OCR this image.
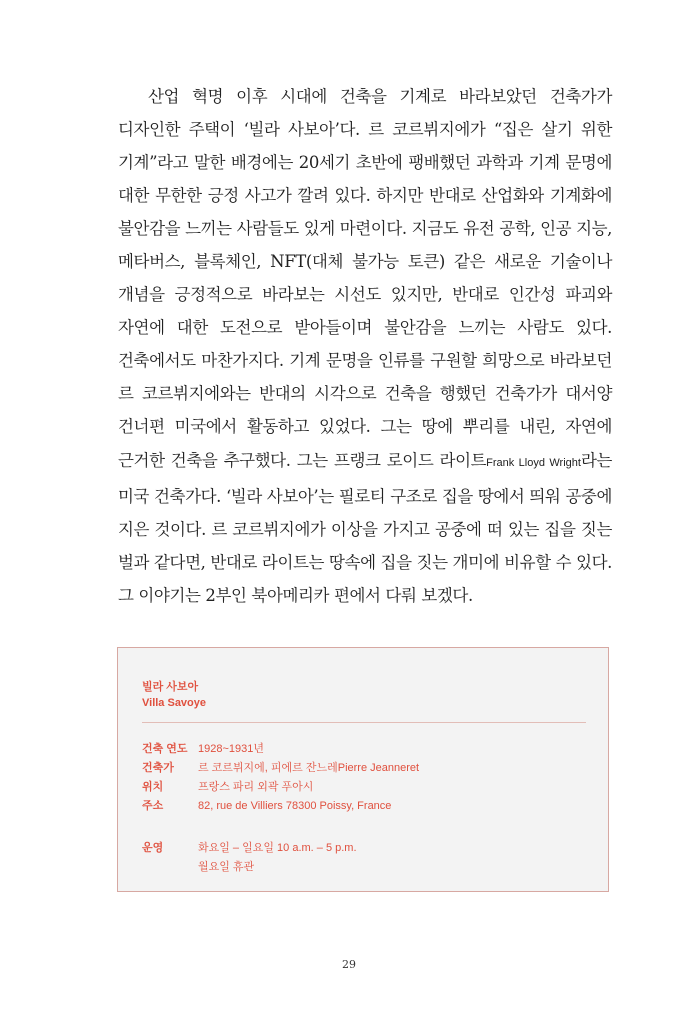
산업 혁명 이후 시대에 건축을 기계로 바라보았던 건축가가 디자인한 주택이 ‘빌라 사보아’다. 르 코르뷔지에가 “집은 살기 위한 기계”라고 말한 배경에는 20세기 초반에 팽배했던 과학과 기계 문명에 대한 무한한 긍정 사고가 깔려 있다. 하지만 반대로 산업화와 기계화에 불안감을 느끼는 사람들도 있게 마련이다. 지금도 유전 공학, 인공 지능, 메타버스, 블록체인, NFT(대체 불가능 토큰) 같은 새로운 기술이나 개념을 긍정적으로 바라보는 시선도 있지만, 반대로 인간성 파괴와 자연에 대한 도전으로 받아들이며 불안감을 느끼는 사람도 있다. 건축에서도 마찬가지다. 기계 문명을 인류를 구원할 희망으로 바라보던 르 코르뷔지에와는 반대의 시각으로 건축을 행했던 건축가가 대서양 건너편 미국에서 활동하고 있었다. 그는 땅에 뿌리를 내린, 자연에 근거한 건축을 추구했다. 그는 프랭크 로이드 라이트Frank Lloyd Wright라는 미국 건축가다. ‘빌라 사보아’는 필로티 구조로 집을 땅에서 띄워 공중에 지은 것이다. 르 코르뷔지에가 이상을 가지고 공중에 떠 있는 집을 짓는 벌과 같다면, 반대로 라이트는 땅속에 집을 짓는 개미에 비유할 수 있다. 그 이야기는 2부인 북아메리카 편에서 다뤄 보겠다.

빌라 사보아
Villa Savoye
건축 연도 1928~1931년
건축가	르 코르뷔지에, 피에르 잔느레Pierre Jeanneret
위치	프랑스 파리 외곽 푸아시
주소	82, rue de Villiers 78300 Poissy, France
운영	화요일 – 일요일 10 a.m. – 5 p.m.
월요일 휴관
29
